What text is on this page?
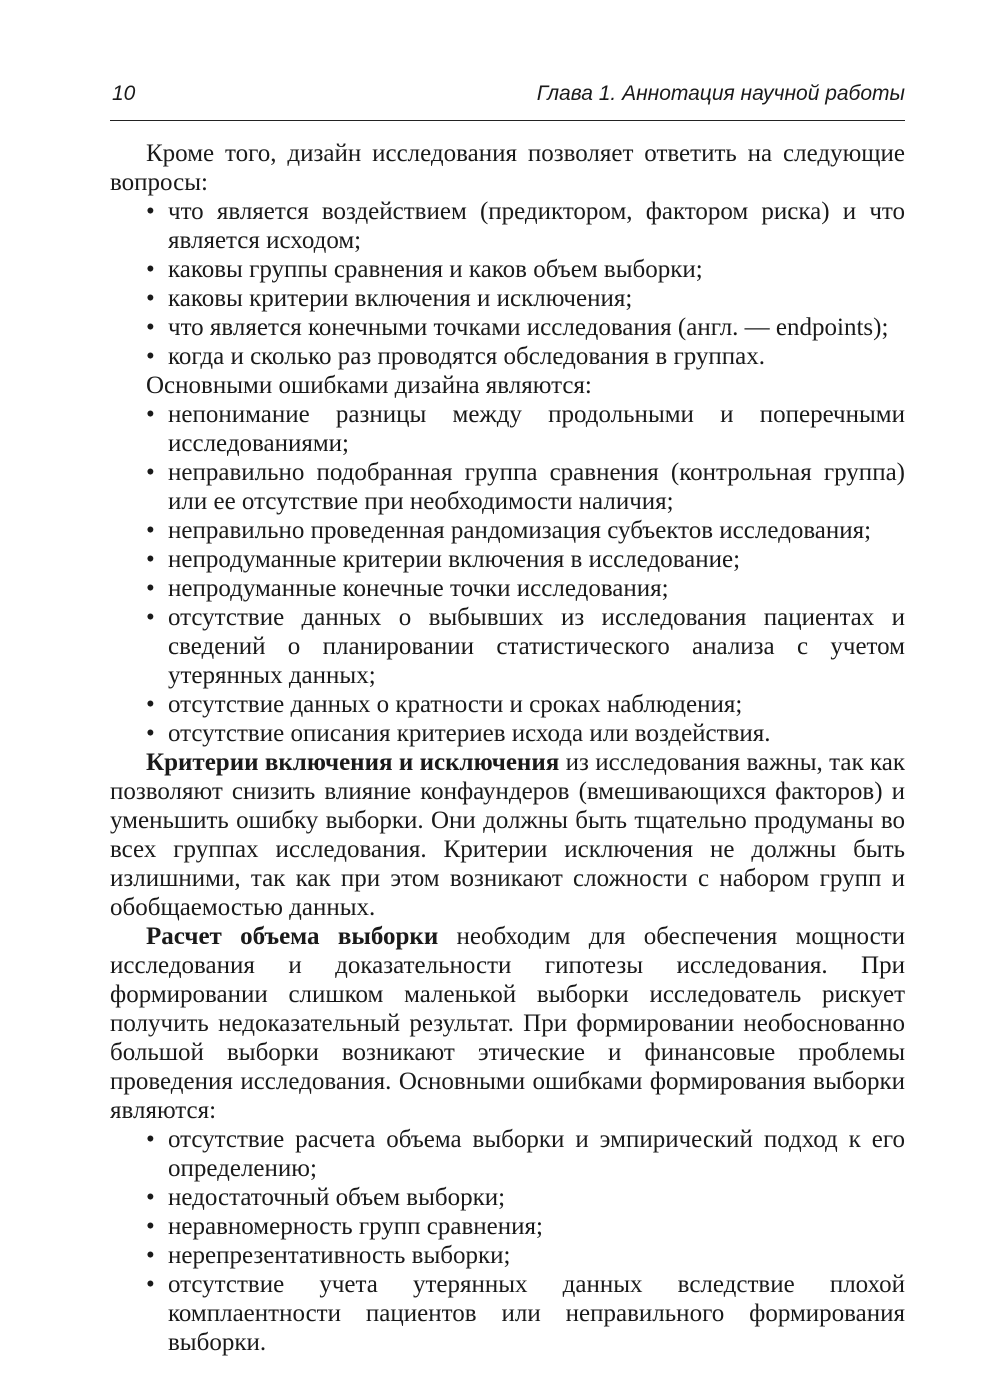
10	Глава 1. Аннотация научной работы

Кроме того, дизайн исследования позволяет ответить на следующие вопросы:

• что является воздействием (предиктором, фактором риска) и что является исходом;
• каковы группы сравнения и каков объем выборки;
• каковы критерии включения и исключения;
• что является конечными точками исследования (англ. — endpoints);
• когда и сколько раз проводятся обследования в группах.

Основными ошибками дизайна являются:

• непонимание разницы между продольными и поперечными исследованиями;
• неправильно подобранная группа сравнения (контрольная группа) или ее отсутствие при необходимости наличия;
• неправильно проведенная рандомизация субъектов исследования;
• непродуманные критерии включения в исследование;
• непродуманные конечные точки исследования;
• отсутствие данных о выбывших из исследования пациентах и сведений о планировании статистического анализа с учетом утерянных данных;
• отсутствие данных о кратности и сроках наблюдения;
• отсутствие описания критериев исхода или воздействия.

Критерии включения и исключения из исследования важны, так как позволяют снизить влияние конфаундеров (вмешивающихся факторов) и уменьшить ошибку выборки. Они должны быть тщательно продуманы во всех группах исследования. Критерии исключения не должны быть излишними, так как при этом возникают сложности с набором групп и обобщаемостью данных.

Расчет объема выборки необходим для обеспечения мощности исследования и доказательности гипотезы исследования. При формировании слишком маленькой выборки исследователь рискует получить недоказательный результат. При формировании необоснованно большой выборки возникают этические и финансовые проблемы проведения исследования. Основными ошибками формирования выборки являются:

• отсутствие расчета объема выборки и эмпирический подход к его определению;
• недостаточный объем выборки;
• неравномерность групп сравнения;
• нерепрезентативность выборки;
• отсутствие учета утерянных данных вследствие плохой комплаентности пациентов или неправильного формирования выборки.
